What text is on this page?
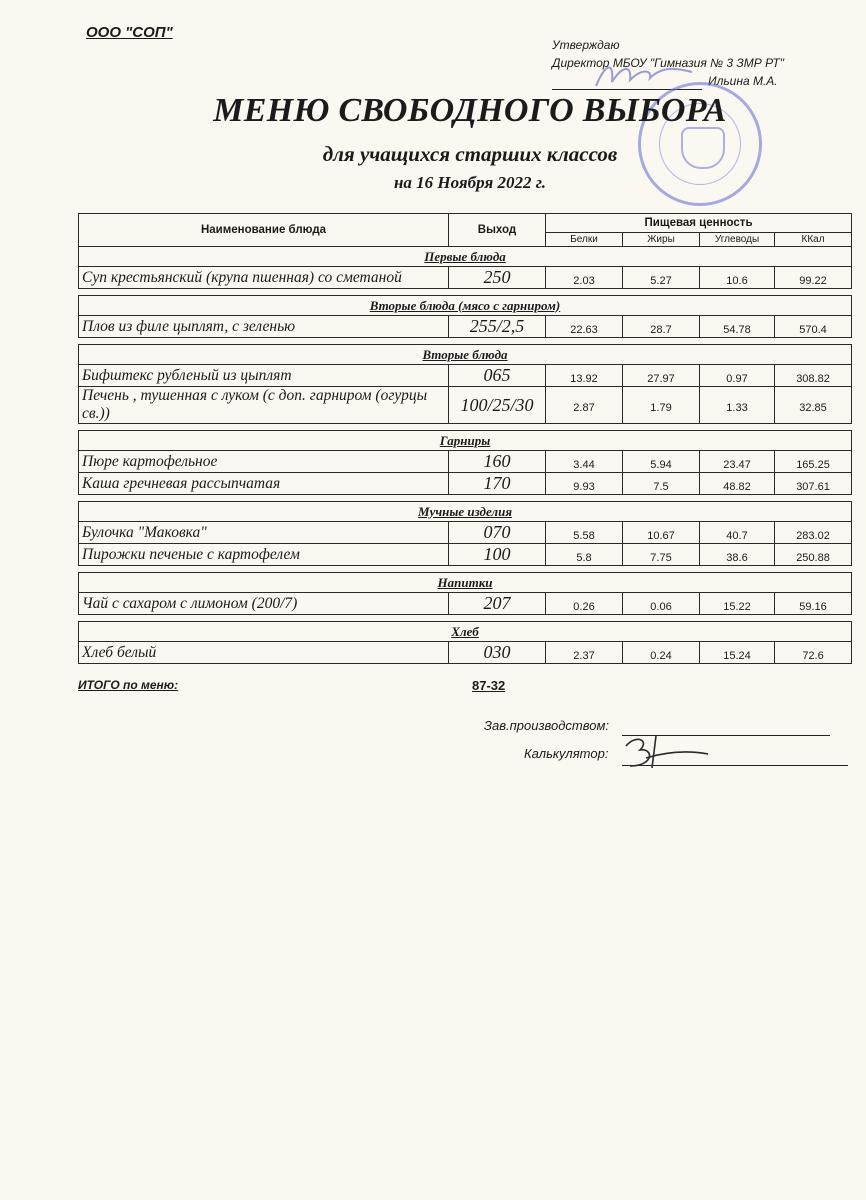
ООО "СОП"
Утверждаю
Директор МБОУ "Гимназия № 3 ЗМР РТ"
Ильина М.А.
МЕНЮ СВОБОДНОГО ВЫБОРА
для учащихся старших классов
на 16 Ноября 2022 г.
Наименование блюда	Выход	Пищевая ценность			
		Белки	Жиры	Углеводы	ККал
Первые блюда					
Суп крестьянский (крупа пшенная) со сметаной	250	2.03	5.27	10.6	99.22

Вторые блюда (мясо с гарниром)					
Плов из филе цыплят, с зеленью	255/2,5	22.63	28.7	54.78	570.4

Вторые блюда					
Бифштекс рубленый из цыплят	065	13.92	27.97	0.97	308.82
Печень , тушенная с луком (с доп. гарниром (огурцы св.))	100/25/30	2.87	1.79	1.33	32.85

Гарниры					
Пюре картофельное	160	3.44	5.94	23.47	165.25
Каша гречневая рассыпчатая	170	9.93	7.5	48.82	307.61

Мучные изделия					
Булочка "Маковка"	070	5.58	10.67	40.7	283.02
Пирожки печеные с картофелем	100	5.8	7.75	38.6	250.88

Напитки					
Чай с сахаром с лимоном (200/7)	207	0.26	0.06	15.22	59.16

Хлеб					
Хлеб белый	030	2.37	0.24	15.24	72.6
ИТОГО по меню:	87-32
Зав.производством:
Калькулятор:
